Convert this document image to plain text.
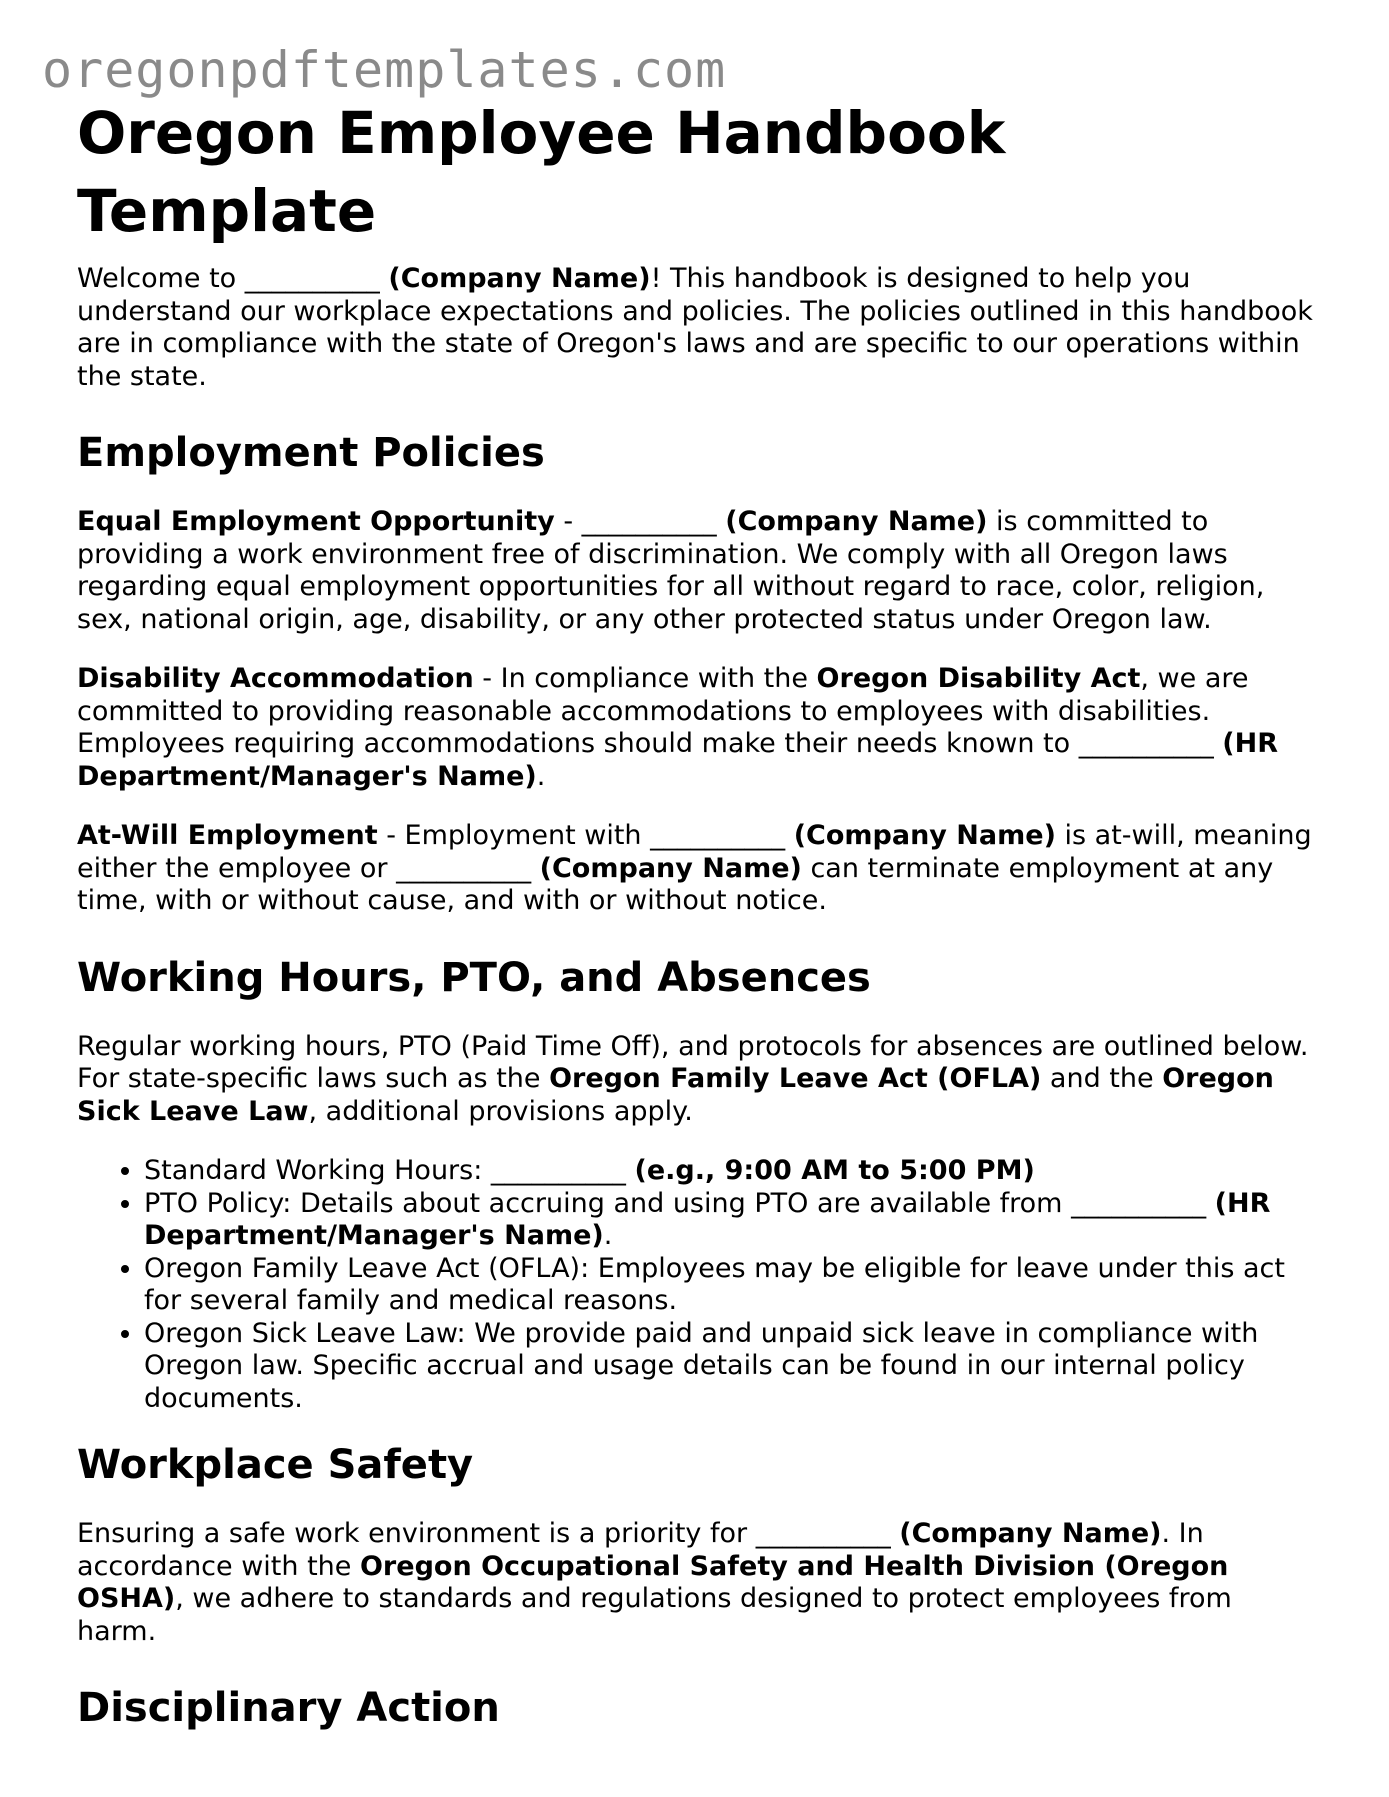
oregonpdftemplates.com
Oregon Employee Handbook Template

Welcome to __________ (Company Name)! This handbook is designed to help you understand our workplace expectations and policies. The policies outlined in this handbook are in compliance with the state of Oregon's laws and are specific to our operations within the state.

Employment Policies

Equal Employment Opportunity - __________ (Company Name) is committed to providing a work environment free of discrimination. We comply with all Oregon laws regarding equal employment opportunities for all without regard to race, color, religion, sex, national origin, age, disability, or any other protected status under Oregon law.

Disability Accommodation - In compliance with the Oregon Disability Act, we are committed to providing reasonable accommodations to employees with disabilities. Employees requiring accommodations should make their needs known to __________ (HR Department/Manager's Name).

At-Will Employment - Employment with __________ (Company Name) is at-will, meaning either the employee or __________ (Company Name) can terminate employment at any time, with or without cause, and with or without notice.

Working Hours, PTO, and Absences

Regular working hours, PTO (Paid Time Off), and protocols for absences are outlined below. For state-specific laws such as the Oregon Family Leave Act (OFLA) and the Oregon Sick Leave Law, additional provisions apply.

• Standard Working Hours: __________ (e.g., 9:00 AM to 5:00 PM)
• PTO Policy: Details about accruing and using PTO are available from __________ (HR Department/Manager's Name).
• Oregon Family Leave Act (OFLA): Employees may be eligible for leave under this act for several family and medical reasons.
• Oregon Sick Leave Law: We provide paid and unpaid sick leave in compliance with Oregon law. Specific accrual and usage details can be found in our internal policy documents.
Workplace Safety

Ensuring a safe work environment is a priority for __________ (Company Name). In accordance with the Oregon Occupational Safety and Health Division (Oregon OSHA), we adhere to standards and regulations designed to protect employees from harm.

Disciplinary Action
